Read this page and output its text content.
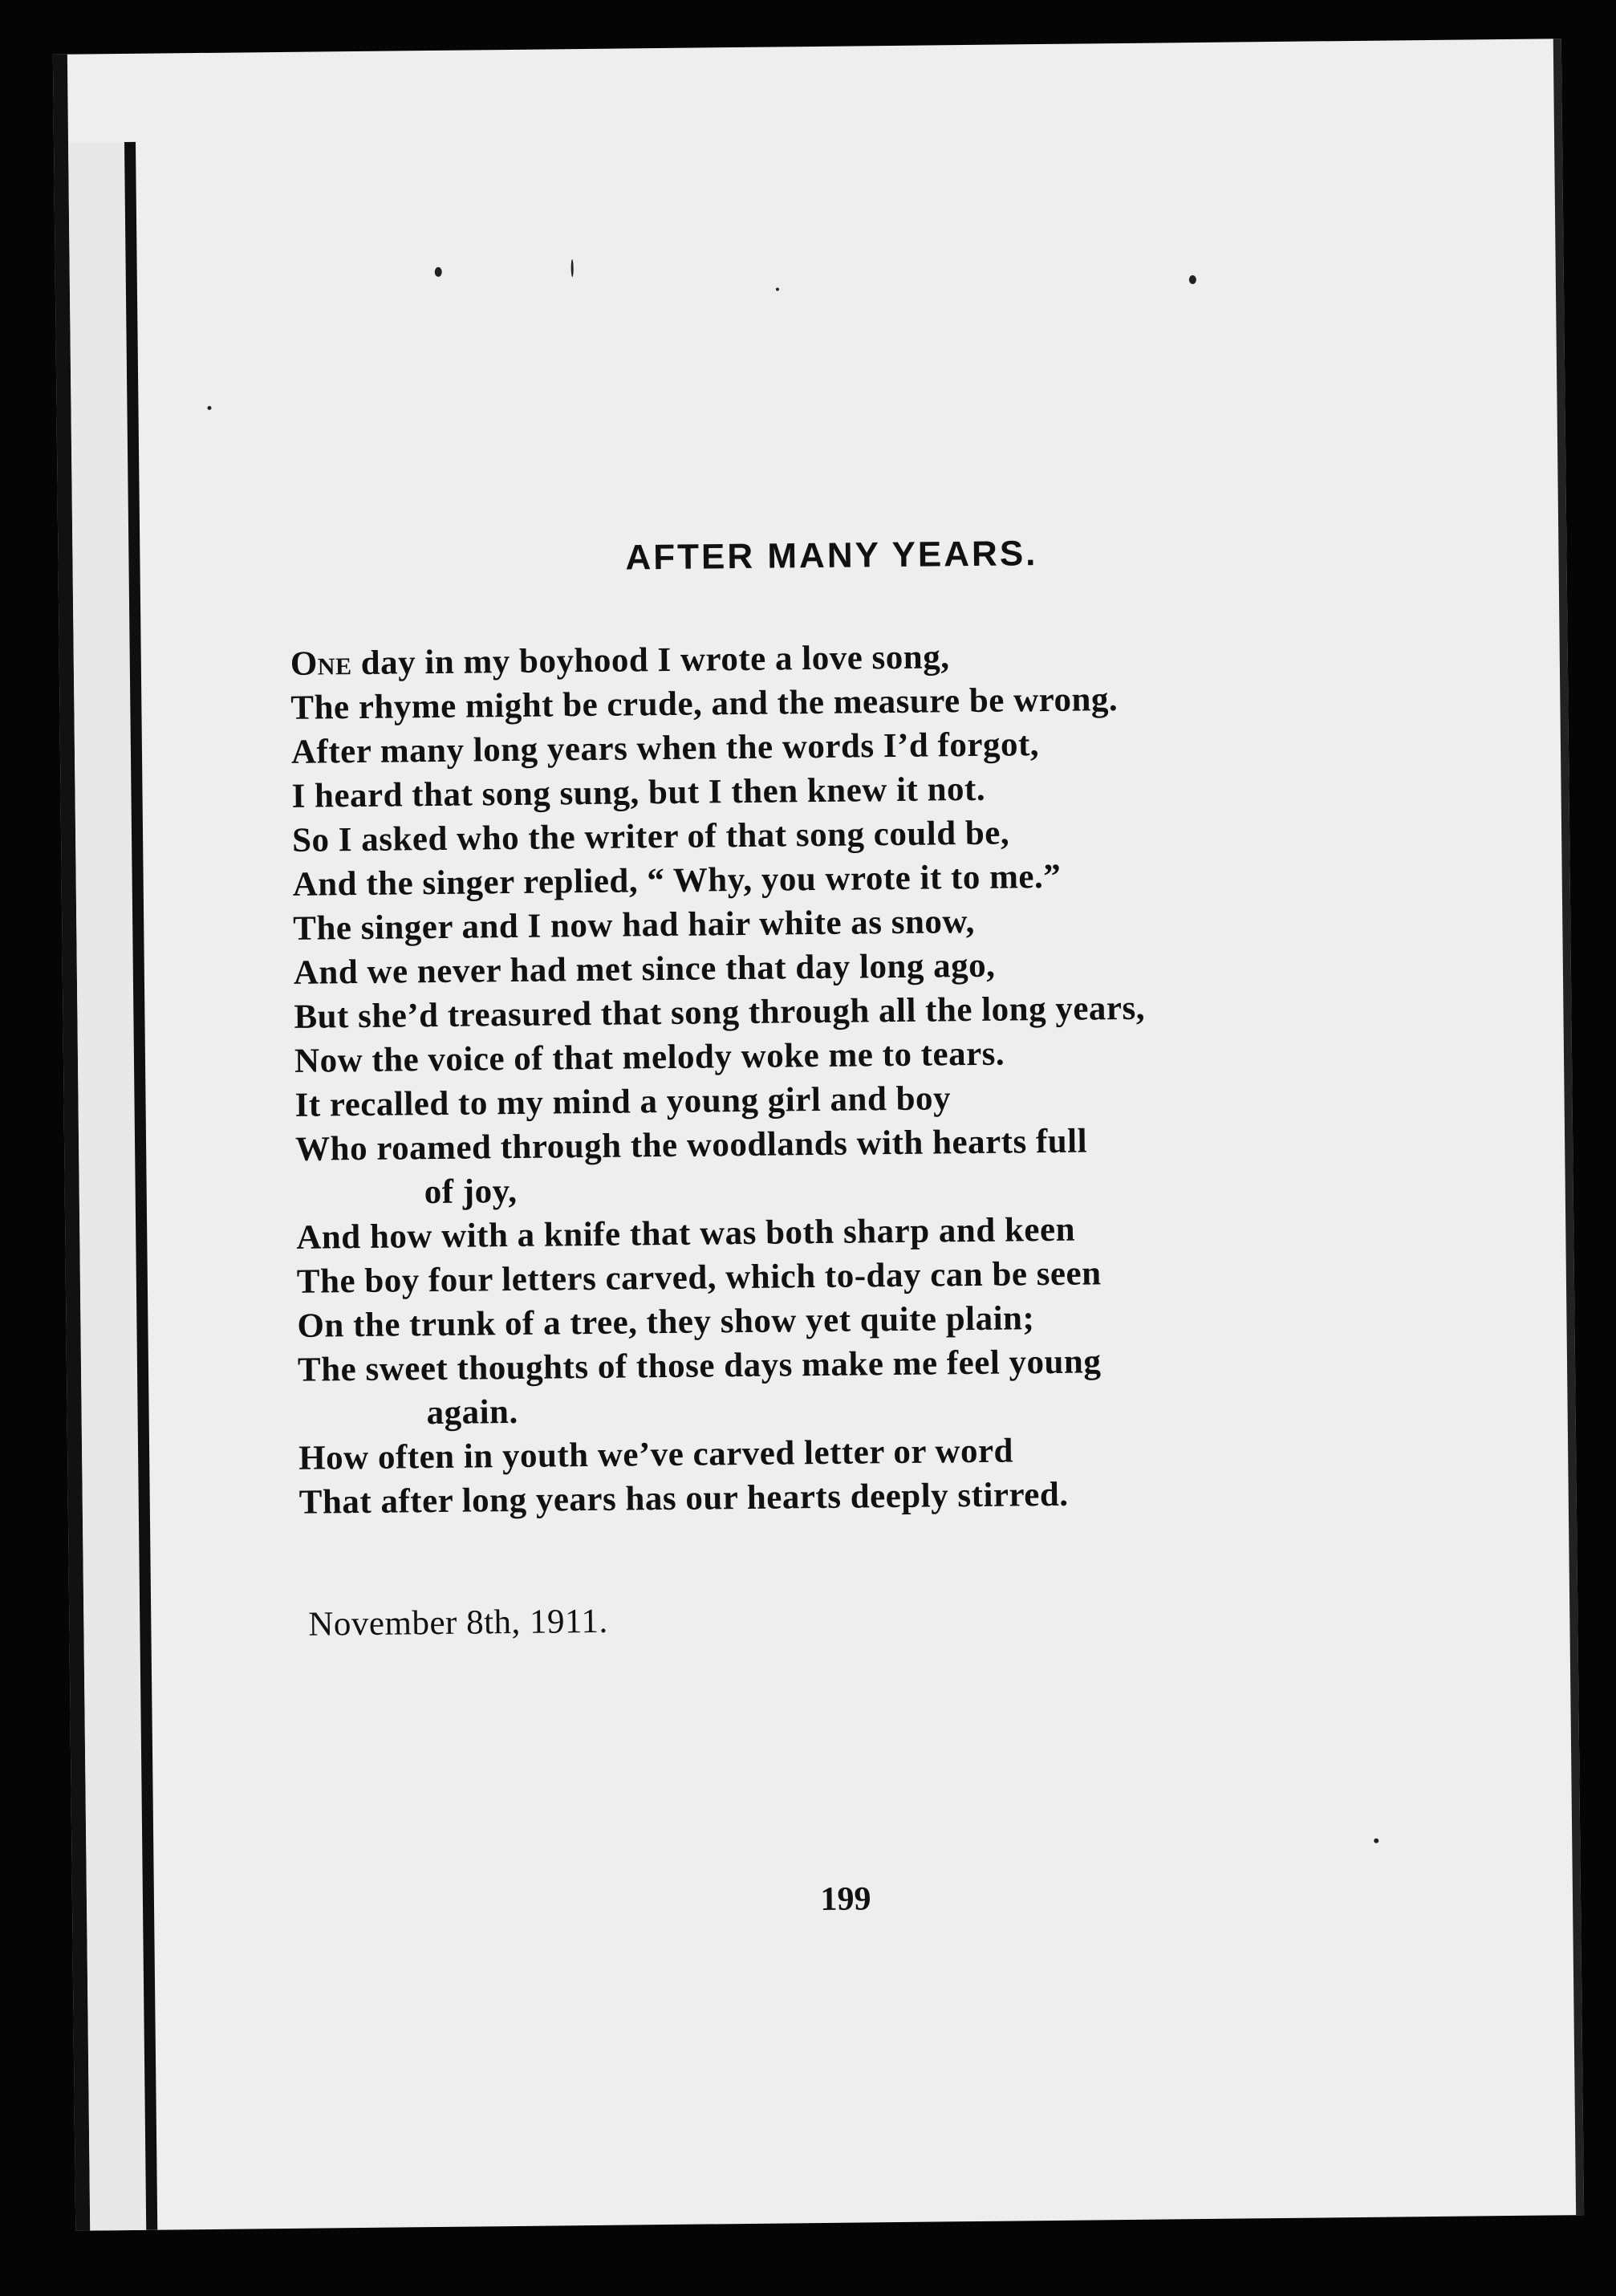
AFTER MANY YEARS.
One day in my boyhood I wrote a love song,
The rhyme might be crude, and the measure be wrong.
After many long years when the words I’d forgot,
I heard that song sung, but I then knew it not.
So I asked who the writer of that song could be,
And the singer replied, “ Why, you wrote it to me.”
The singer and I now had hair white as snow,
And we never had met since that day long ago,
But she’d treasured that song through all the long years,
Now the voice of that melody woke me to tears.
It recalled to my mind a young girl and boy
Who roamed through the woodlands with hearts full
of joy,
And how with a knife that was both sharp and keen
The boy four letters carved, which to-day can be seen
On the trunk of a tree, they show yet quite plain;
The sweet thoughts of those days make me feel young
again.
How often in youth we’ve carved letter or word
That after long years has our hearts deeply stirred.
November 8th, 1911.
199
